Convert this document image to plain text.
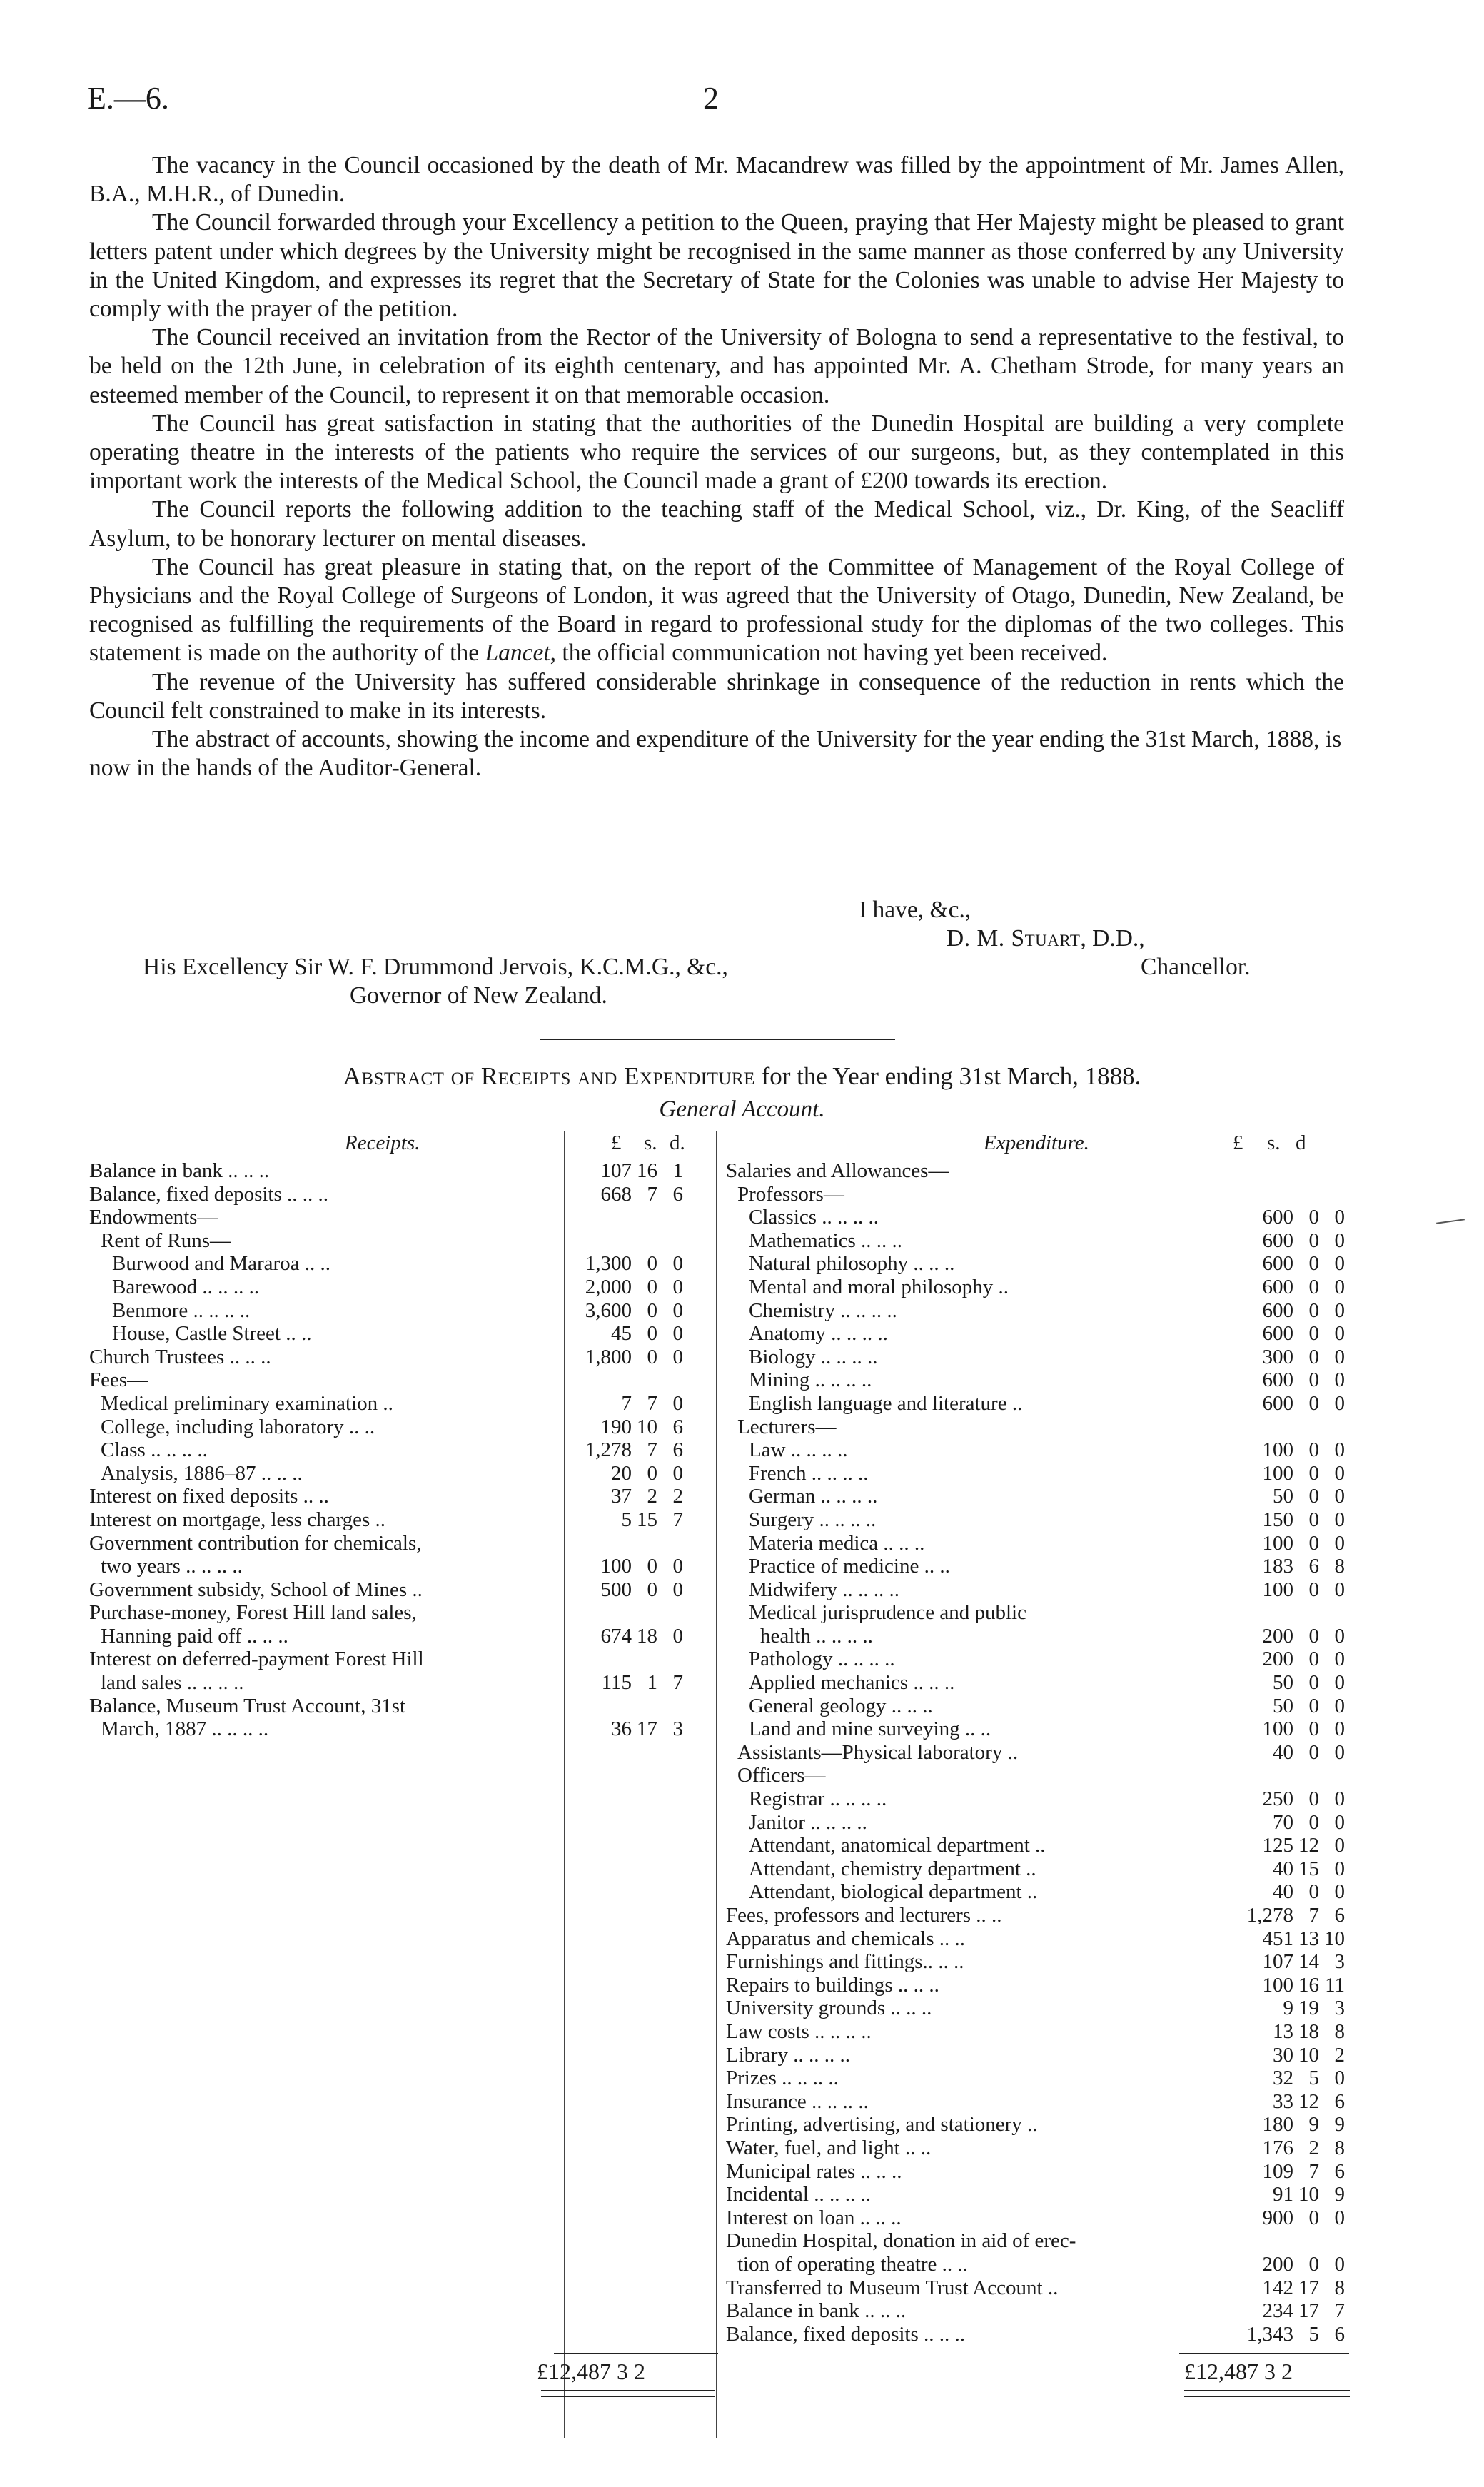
E.—6.	2

The vacancy in the Council occasioned by the death of Mr. Macandrew was filled by the appointment of Mr. James Allen, B.A., M.H.R., of Dunedin.

The Council forwarded through your Excellency a petition to the Queen, praying that Her Majesty might be pleased to grant letters patent under which degrees by the University might be recognised in the same manner as those conferred by any University in the United Kingdom, and expresses its regret that the Secretary of State for the Colonies was unable to advise Her Majesty to comply with the prayer of the petition.

The Council received an invitation from the Rector of the University of Bologna to send a representative to the festival, to be held on the 12th June, in celebration of its eighth centenary, and has appointed Mr. A. Chetham Strode, for many years an esteemed member of the Council, to represent it on that memorable occasion.

The Council has great satisfaction in stating that the authorities of the Dunedin Hospital are building a very complete operating theatre in the interests of the patients who require the services of our surgeons, but, as they contemplated in this important work the interests of the Medical School, the Council made a grant of £200 towards its erection.

The Council reports the following addition to the teaching staff of the Medical School, viz., Dr. King, of the Seacliff Asylum, to be honorary lecturer on mental diseases.

The Council has great pleasure in stating that, on the report of the Committee of Management of the Royal College of Physicians and the Royal College of Surgeons of London, it was agreed that the University of Otago, Dunedin, New Zealand, be recognised as fulfilling the requirements of the Board in regard to professional study for the diplomas of the two colleges. This statement is made on the authority of the Lancet, the official communication not having yet been received.

The revenue of the University has suffered considerable shrinkage in consequence of the reduction in rents which the Council felt constrained to make in its interests.

The abstract of accounts, showing the income and expenditure of the University for the year ending the 31st March, 1888, is now in the hands of the Auditor-General.

I have, &c.,
D. M. Stuart, D.D.,
His Excellency Sir W. F. Drummond Jervois, K.C.M.G., &c.,	Chancellor.
Governor of New Zealand.
Abstract of Receipts and Expenditure for the Year ending 31st March, 1888.
General Account.
Receipts.	£ s. d.	Expenditure.	£ s. d
Balance in bank .. .. ..	107 16 1
Balance, fixed deposits .. .. ..	668 7 6
Endowments—
Rent of Runs—
Burwood and Mararoa .. ..	1,300 0 0
Barewood .. .. .. ..	2,000 0 0
Benmore .. .. .. ..	3,600 0 0
House, Castle Street .. ..	45 0 0
Church Trustees .. .. ..	1,800 0 0
Fees—
Medical preliminary examination ..	7 7 0
College, including laboratory .. ..	190 10 6
Class .. .. .. ..	1,278 7 6
Analysis, 1886–87 .. .. ..	20 0 0
Interest on fixed deposits .. ..	37 2 2
Interest on mortgage, less charges ..	5 15 7
Government contribution for chemicals,
two years .. .. .. ..	100 0 0
Government subsidy, School of Mines ..	500 0 0
Purchase-money, Forest Hill land sales,
Hanning paid off .. .. ..	674 18 0
Interest on deferred-payment Forest Hill
land sales .. .. .. ..	115 1 7
Balance, Museum Trust Account, 31st
March, 1887 .. .. .. ..	36 17 3
Salaries and Allowances—
Professors—
Classics .. .. .. ..	600 0 0
Mathematics .. .. ..	600 0 0
Natural philosophy .. .. ..	600 0 0
Mental and moral philosophy ..	600 0 0
Chemistry .. .. .. ..	600 0 0
Anatomy .. .. .. ..	600 0 0
Biology .. .. .. ..	300 0 0
Mining .. .. .. ..	600 0 0
English language and literature ..	600 0 0
Lecturers—
Law .. .. .. ..	100 0 0
French .. .. .. ..	100 0 0
German .. .. .. ..	50 0 0
Surgery .. .. .. ..	150 0 0
Materia medica .. .. ..	100 0 0
Practice of medicine .. ..	183 6 8
Midwifery .. .. .. ..	100 0 0
Medical jurisprudence and public
health .. .. .. ..	200 0 0
Pathology .. .. .. ..	200 0 0
Applied mechanics .. .. ..	50 0 0
General geology .. .. ..	50 0 0
Land and mine surveying .. ..	100 0 0
Assistants—Physical laboratory ..	40 0 0
Officers—
Registrar .. .. .. ..	250 0 0
Janitor .. .. .. ..	70 0 0
Attendant, anatomical department ..	125 12 0
Attendant, chemistry department ..	40 15 0
Attendant, biological department ..	40 0 0
Fees, professors and lecturers .. ..	1,278 7 6
Apparatus and chemicals .. ..	451 13 10
Furnishings and fittings.. .. ..	107 14 3
Repairs to buildings .. .. ..	100 16 11
University grounds .. .. ..	9 19 3
Law costs .. .. .. ..	13 18 8
Library .. .. .. ..	30 10 2
Prizes .. .. .. ..	32 5 0
Insurance .. .. .. ..	33 12 6
Printing, advertising, and stationery ..	180 9 9
Water, fuel, and light .. ..	176 2 8
Municipal rates .. .. ..	109 7 6
Incidental .. .. .. ..	91 10 9
Interest on loan .. .. ..	900 0 0
Dunedin Hospital, donation in aid of erec-
tion of operating theatre .. ..	200 0 0
Transferred to Museum Trust Account ..	142 17 8
Balance in bank .. .. ..	234 17 7
Balance, fixed deposits .. .. ..	1,343 5 6
£12,487 3 2	£12,487 3 2
